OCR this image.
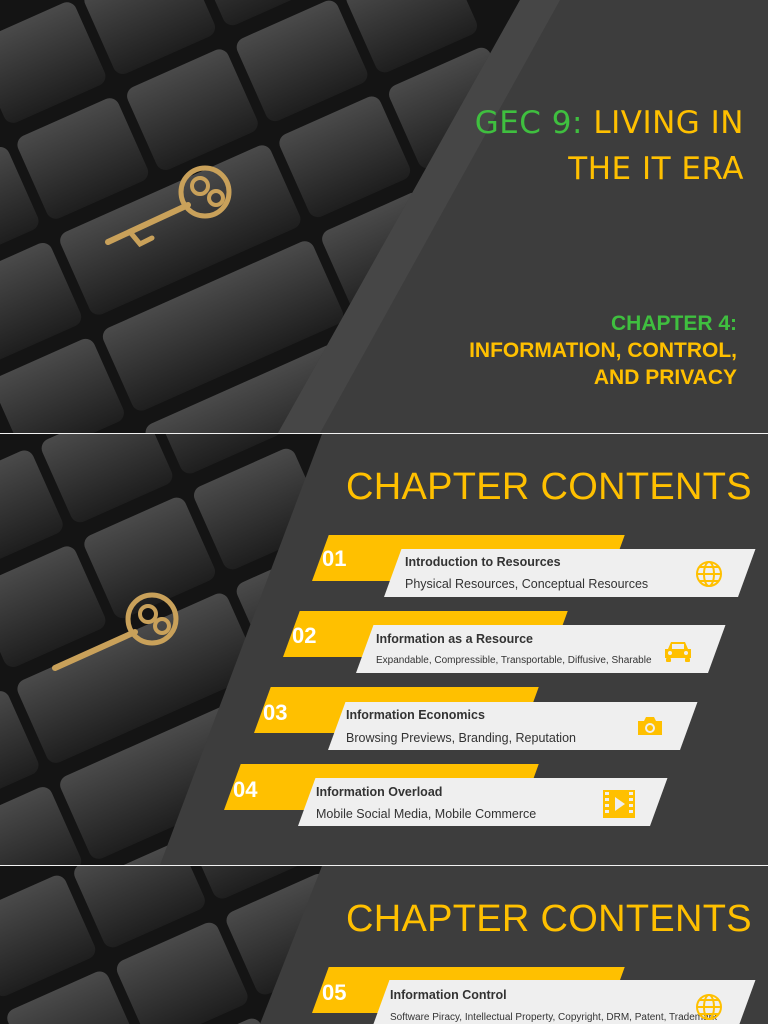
GEC 9: LIVING IN
THE IT ERA
CHAPTER 4:
INFORMATION, CONTROL,
AND PRIVACY
CHAPTER CONTENTS
01	Introduction to Resources
Physical Resources, Conceptual Resources
02	Information as a Resource
Expandable, Compressible, Transportable, Diffusive, Sharable
03	Information Economics
Browsing Previews, Branding, Reputation
04	Information Overload
Mobile Social Media, Mobile Commerce
CHAPTER CONTENTS
05	Information Control
Software Piracy, Intellectual Property, Copyright, DRM, Patent, Trademark
